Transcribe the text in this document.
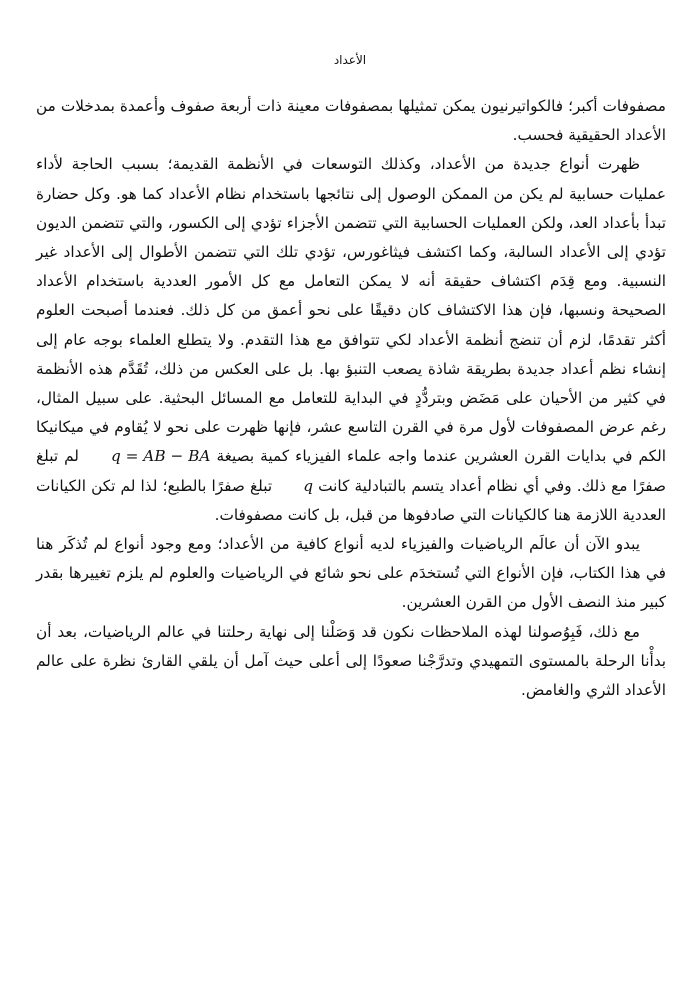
الأعداد

مصفوفات أكبر؛ فالكواتيرنيون يمكن تمثيلها بمصفوفات معينة ذات أربعة صفوف وأعمدة بمدخلات من الأعداد الحقيقية فحسب.

ظهرت أنواع جديدة من الأعداد، وكذلك التوسعات في الأنظمة القديمة؛ بسبب الحاجة لأداء عمليات حسابية لم يكن من الممكن الوصول إلى نتائجها باستخدام نظام الأعداد كما هو. وكل حضارة تبدأ بأعداد العد، ولكن العمليات الحسابية التي تتضمن الأجزاء تؤدي إلى الكسور، والتي تتضمن الديون تؤدي إلى الأعداد السالبة، وكما اكتشف فيثاغورس، تؤدي تلك التي تتضمن الأطوال إلى الأعداد غير النسبية. ومع قِدَم اكتشاف حقيقة أنه لا يمكن التعامل مع كل الأمور العددية باستخدام الأعداد الصحيحة ونسبها، فإن هذا الاكتشاف كان دقيقًا على نحو أعمق من كل ذلك. فعندما أصبحت العلوم أكثر تقدمًا، لزم أن تنضج أنظمة الأعداد لكي تتوافق مع هذا التقدم. ولا يتطلع العلماء بوجه عام إلى إنشاء نظم أعداد جديدة بطريقة شاذة يصعب التنبؤ بها. بل على العكس من ذلك، تُقَدَّم هذه الأنظمة في كثير من الأحيان على مَضَض وبتردُّدٍ في البداية للتعامل مع المسائل البحثية. على سبيل المثال، رغم عرض المصفوفات لأول مرة في القرن التاسع عشر، فإنها ظهرت على نحو لا يُقاوم في ميكانيكا الكم في بدايات القرن العشرين عندما واجه علماء الفيزياء كمية بصيغة q = AB − BA لم تبلغ صفرًا مع ذلك. وفي أي نظام أعداد يتسم بالتبادلية كانت q تبلغ صفرًا بالطبع؛ لذا لم تكن الكيانات العددية اللازمة هنا كالكيانات التي صادفوها من قبل، بل كانت مصفوفات.

يبدو الآن أن عالَم الرياضيات والفيزياء لديه أنواع كافية من الأعداد؛ ومع وجود أنواع لم تُذكَر هنا في هذا الكتاب، فإن الأنواع التي تُستخدَم على نحو شائع في الرياضيات والعلوم لم يلزم تغييرها بقدر كبير منذ النصف الأول من القرن العشرين.

مع ذلك، فَبِوُصولنا لهذه الملاحظات نكون قد وَصَلْنا إلى نهاية رحلتنا في عالم الرياضيات، بعد أن بدأْنا الرحلة بالمستوى التمهيدي وتدرَّجْنا صعودًا إلى أعلى حيث آمل أن يلقي القارئ نظرة على عالم الأعداد الثري والغامض.
